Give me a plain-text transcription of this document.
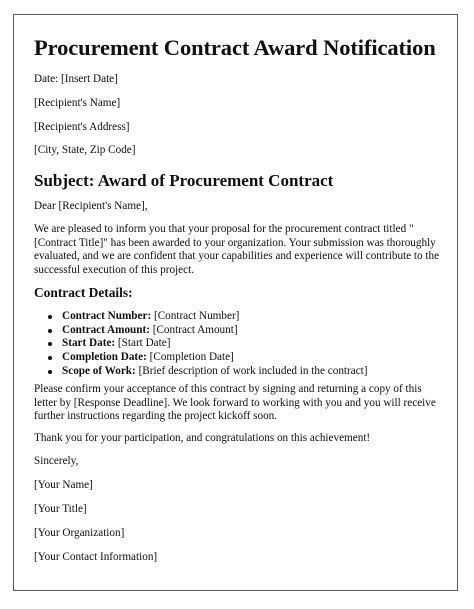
Procurement Contract Award Notification

Date: [Insert Date]

[Recipient's Name]

[Recipient's Address]

[City, State, Zip Code]

Subject: Award of Procurement Contract

Dear [Recipient's Name],

We are pleased to inform you that your proposal for the procurement contract titled "[Contract Title]" has been awarded to your organization. Your submission was thoroughly evaluated, and we are confident that your capabilities and experience will contribute to the successful execution of this project.

Contract Details:
Contract Number: [Contract Number]
Contract Amount: [Contract Amount]
Start Date: [Start Date]
Completion Date: [Completion Date]
Scope of Work: [Brief description of work included in the contract]

Please confirm your acceptance of this contract by signing and returning a copy of this letter by [Response Deadline]. We look forward to working with you and you will receive further instructions regarding the project kickoff soon.

Thank you for your participation, and congratulations on this achievement!

Sincerely,

[Your Name]

[Your Title]

[Your Organization]

[Your Contact Information]
